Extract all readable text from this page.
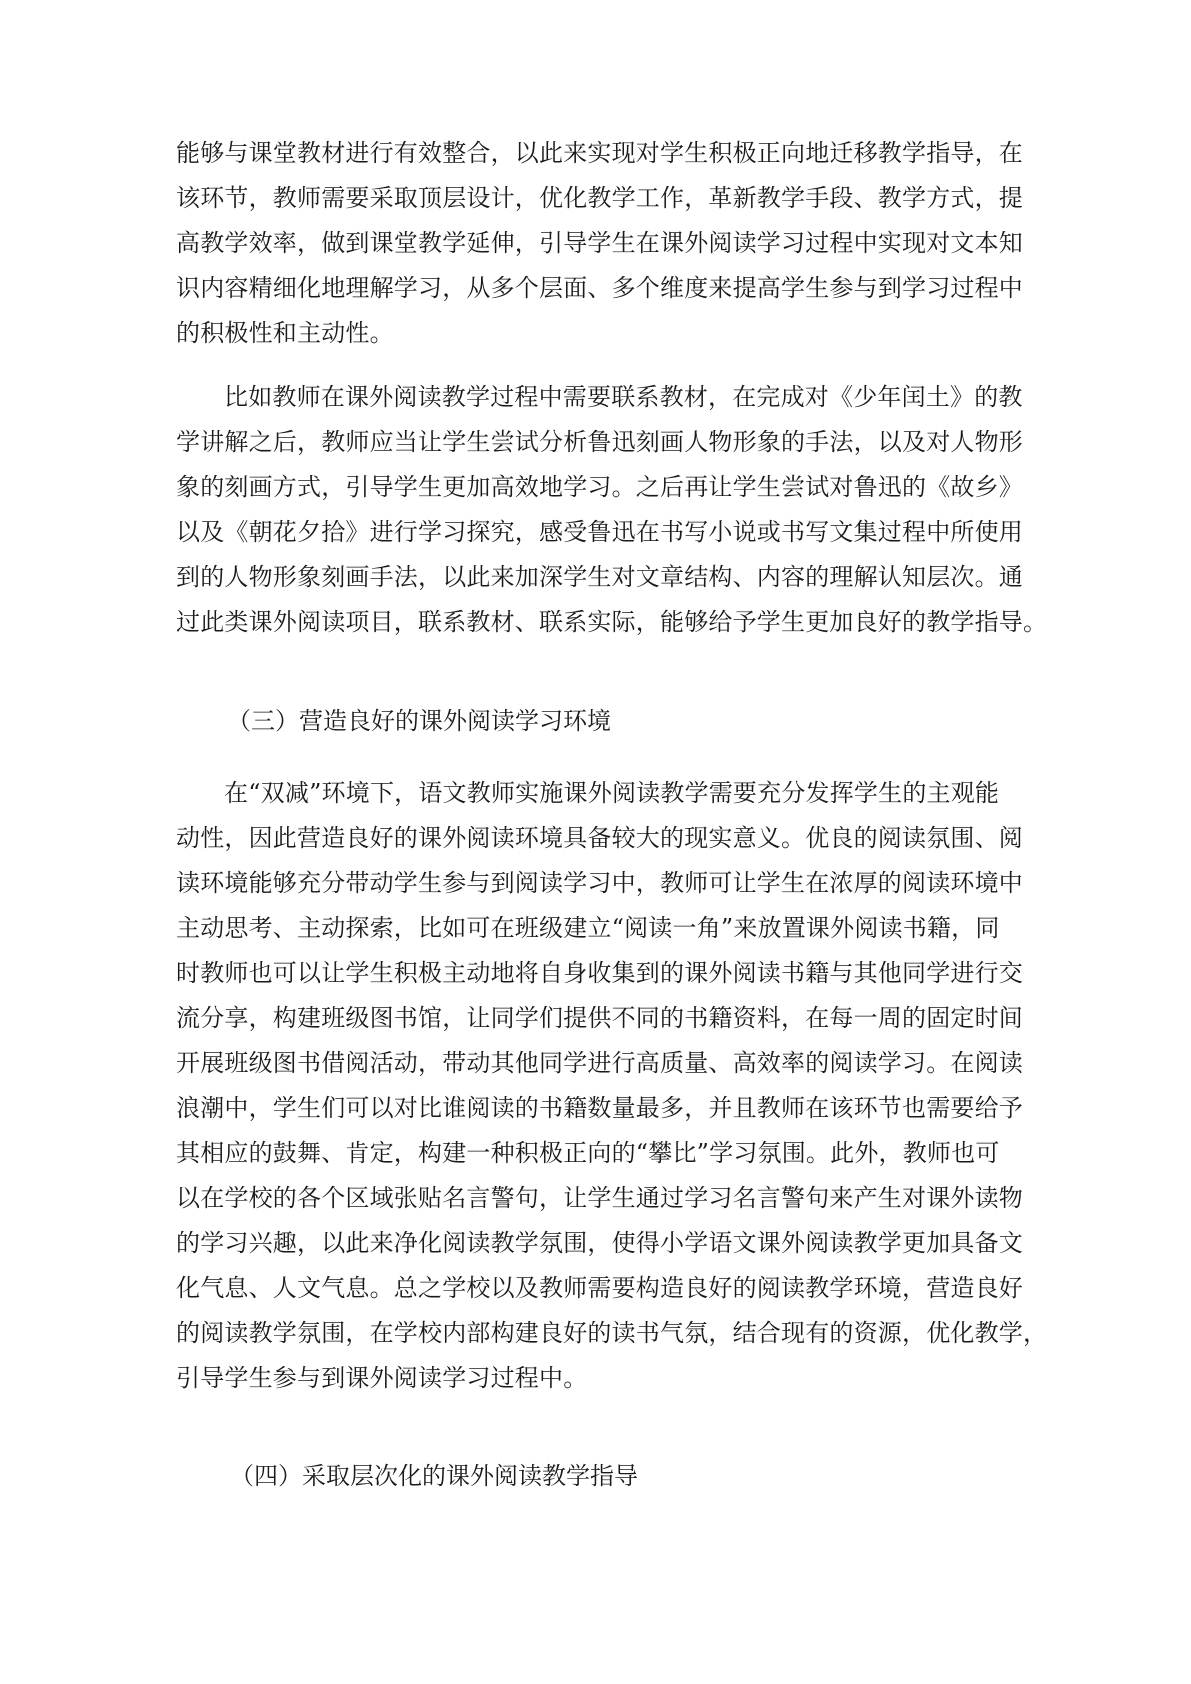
能够与课堂教材进行有效整合，以此来实现对学生积极正向地迁移教学指导，在
该环节，教师需要采取顶层设计，优化教学工作，革新教学手段、教学方式，提
高教学效率，做到课堂教学延伸，引导学生在课外阅读学习过程中实现对文本知
识内容精细化地理解学习，从多个层面、多个维度来提高学生参与到学习过程中
的积极性和主动性。
比如教师在课外阅读教学过程中需要联系教材，在完成对《少年闰土》的教
学讲解之后，教师应当让学生尝试分析鲁迅刻画人物形象的手法，以及对人物形
象的刻画方式，引导学生更加高效地学习。之后再让学生尝试对鲁迅的《故乡》
以及《朝花夕拾》进行学习探究，感受鲁迅在书写小说或书写文集过程中所使用
到的人物形象刻画手法，以此来加深学生对文章结构、内容的理解认知层次。通
过此类课外阅读项目，联系教材、联系实际，能够给予学生更加良好的教学指导。
（三）营造良好的课外阅读学习环境
在“双减”环境下，语文教师实施课外阅读教学需要充分发挥学生的主观能
动性，因此营造良好的课外阅读环境具备较大的现实意义。优良的阅读氛围、阅
读环境能够充分带动学生参与到阅读学习中，教师可让学生在浓厚的阅读环境中
主动思考、主动探索，比如可在班级建立“阅读一角”来放置课外阅读书籍，同
时教师也可以让学生积极主动地将自身收集到的课外阅读书籍与其他同学进行交
流分享，构建班级图书馆，让同学们提供不同的书籍资料，在每一周的固定时间
开展班级图书借阅活动，带动其他同学进行高质量、高效率的阅读学习。在阅读
浪潮中，学生们可以对比谁阅读的书籍数量最多，并且教师在该环节也需要给予
其相应的鼓舞、肯定，构建一种积极正向的“攀比”学习氛围。此外，教师也可
以在学校的各个区域张贴名言警句，让学生通过学习名言警句来产生对课外读物
的学习兴趣，以此来净化阅读教学氛围，使得小学语文课外阅读教学更加具备文
化气息、人文气息。总之学校以及教师需要构造良好的阅读教学环境，营造良好
的阅读教学氛围，在学校内部构建良好的读书气氛，结合现有的资源，优化教学，
引导学生参与到课外阅读学习过程中。
（四）采取层次化的课外阅读教学指导
